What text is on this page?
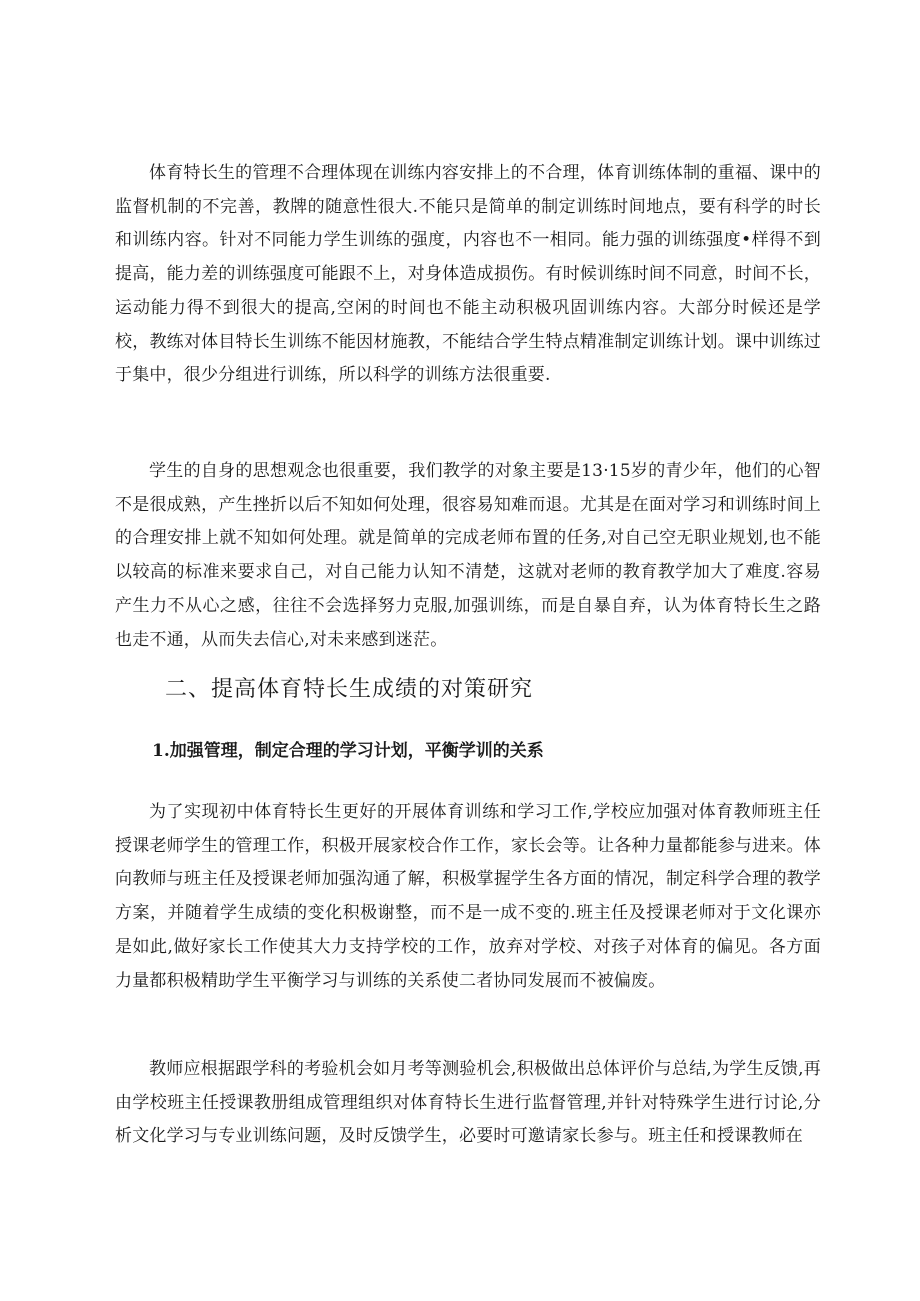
体育特长生的管理不合理体现在训练内容安排上的不合理，体育训练体制的重福、课中的监督机制的不完善，教牌的随意性很大.不能只是简单的制定训练时间地点，要有科学的时长和训练内容。针对不同能力学生训练的强度，内容也不一相同。能力强的训练强度•样得不到提高，能力差的训练强度可能跟不上，对身体造成损伤。有时候训练时间不同意，时间不长，运动能力得不到很大的提高,空闲的时间也不能主动积极巩固训练内容。大部分时候还是学校，教练对体目特长生训练不能因材施教，不能结合学生特点精准制定训练计划。课中训练过于集中，很少分组进行训练，所以科学的训练方法很重要.

学生的自身的思想观念也很重要，我们教学的对象主要是13·15岁的青少年，他们的心智不是很成熟，产生挫折以后不知如何处理，很容易知难而退。尤其是在面对学习和训练时间上的合理安排上就不知如何处理。就是简单的完成老师布置的任务,对自己空无职业规划,也不能以较高的标准来要求自己，对自己能力认知不清楚，这就对老师的教育教学加大了难度.容易产生力不从心之感，往往不会选择努力克服,加强训练，而是自暴自弃，认为体育特长生之路也走不通，从而失去信心,对未来感到迷茫。

二、提高体育特长生成绩的对策研究
1.加强管理，制定合理的学习计划，平衡学训的关系

为了实现初中体育特长生更好的开展体育训练和学习工作,学校应加强对体育教师班主任授课老师学生的管理工作，积极开展家校合作工作，家长会等。让各种力量都能参与进来。体向教师与班主任及授课老师加强沟通了解，积极掌握学生各方面的情况，制定科学合理的教学方案，并随着学生成绩的变化积极谢整，而不是一成不变的.班主任及授课老师对于文化课亦是如此,做好家长工作使其大力支持学校的工作，放弃对学校、对孩子对体育的偏见。各方面力量都积极精助学生平衡学习与训练的关系使二者协同发展而不被偏废。

教师应根据跟学科的考验机会如月考等测验机会,积极做出总体评价与总结,为学生反馈,再由学校班主任授课教册组成管理组织对体育特长生进行监督管理,并针对特殊学生进行讨论,分析文化学习与专业训练问题，及时反馈学生，必要时可邀请家长参与。班主任和授课教师在
